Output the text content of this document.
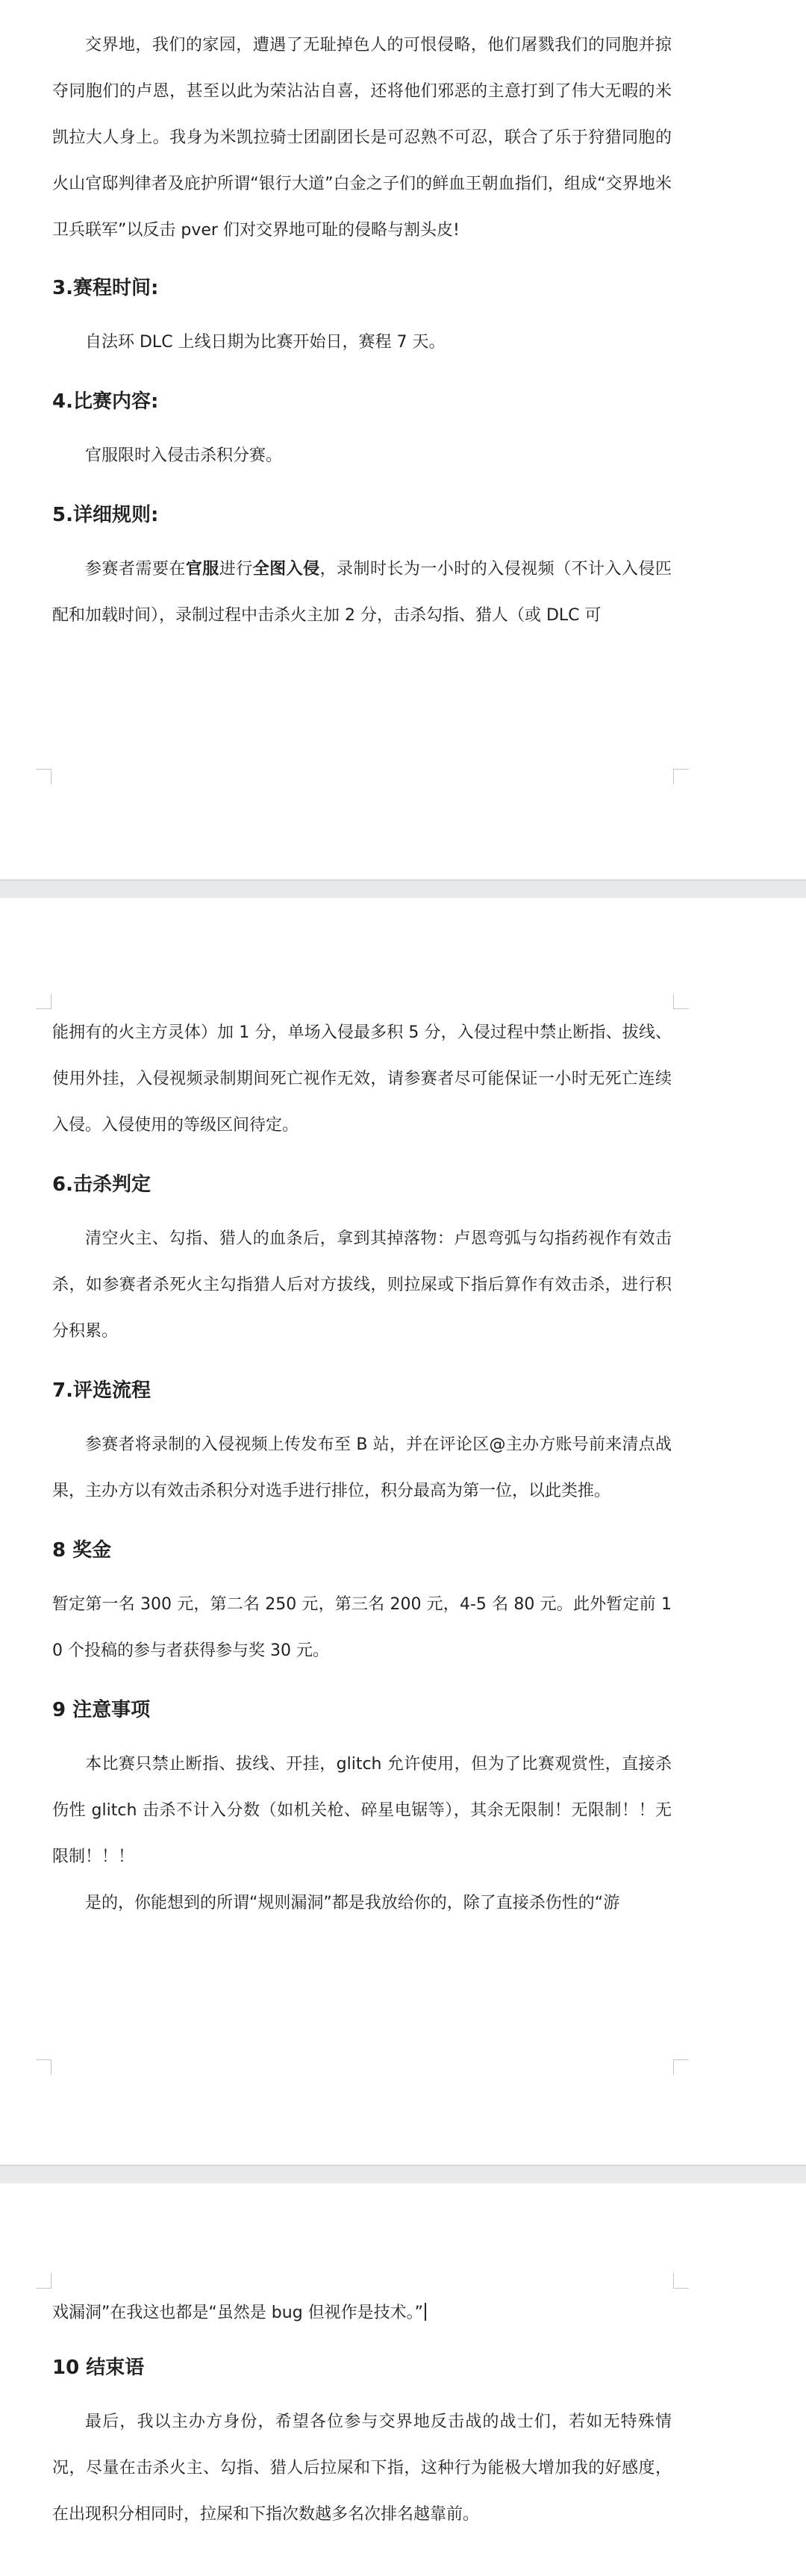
交界地，我们的家园，遭遇了无耻掉色人的可恨侵略，他们屠戮我们的同胞并掠夺同胞们的卢恩，甚至以此为荣沾沾自喜，还将他们邪恶的主意打到了伟大无暇的米凯拉大人身上。我身为米凯拉骑士团副团长是可忍熟不可忍，联合了乐于狩猎同胞的火山官邸判律者及庇护所谓“银行大道”白金之子们的鲜血王朝血指们，组成“交界地米卫兵联军”以反击 pver 们对交界地可耻的侵略与割头皮!

3.赛程时间:

自法环 DLC 上线日期为比赛开始日，赛程 7 天。

4.比赛内容:

官服限时入侵击杀积分赛。

5.详细规则:

参赛者需要在官服进行全图入侵，录制时长为一小时的入侵视频（不计入入侵匹配和加载时间），录制过程中击杀火主加 2 分，击杀勾指、猎人（或 DLC 可

能拥有的火主方灵体）加 1 分，单场入侵最多积 5 分，入侵过程中禁止断指、拔线、使用外挂，入侵视频录制期间死亡视作无效，请参赛者尽可能保证一小时无死亡连续入侵。入侵使用的等级区间待定。

6.击杀判定

清空火主、勾指、猎人的血条后，拿到其掉落物：卢恩弯弧与勾指药视作有效击杀，如参赛者杀死火主勾指猎人后对方拔线，则拉屎或下指后算作有效击杀，进行积分积累。

7.评选流程

参赛者将录制的入侵视频上传发布至 B 站，并在评论区@主办方账号前来清点战果，主办方以有效击杀积分对选手进行排位，积分最高为第一位，以此类推。

8 奖金

暂定第一名 300 元，第二名 250 元，第三名 200 元，4-5 名 80 元。此外暂定前 10 个投稿的参与者获得参与奖 30 元。

9 注意事项

本比赛只禁止断指、拔线、开挂，glitch 允许使用，但为了比赛观赏性，直接杀伤性 glitch 击杀不计入分数（如机关枪、碎星电锯等），其余无限制！无限制！！无限制！！！

是的，你能想到的所谓“规则漏洞”都是我放给你的，除了直接杀伤性的“游

戏漏洞”在我这也都是“虽然是 bug 但视作是技术。”

10 结束语

最后，我以主办方身份，希望各位参与交界地反击战的战士们，若如无特殊情况，尽量在击杀火主、勾指、猎人后拉屎和下指，这种行为能极大增加我的好感度，在出现积分相同时，拉屎和下指次数越多名次排名越靠前。
